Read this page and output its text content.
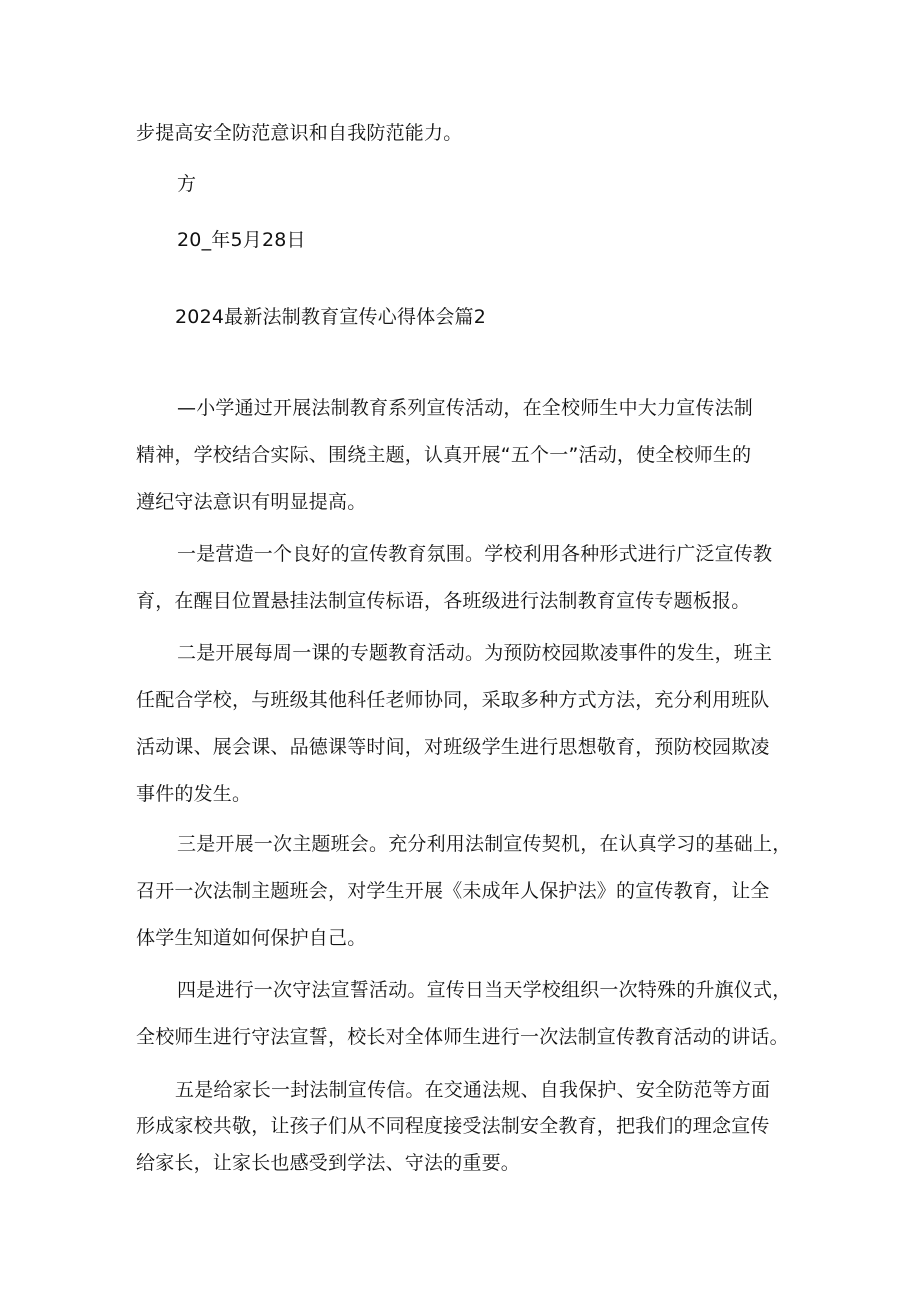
步提高安全防范意识和自我防范能力。
方
20_年5月28日
2024最新法制教育宣传心得体会篇2
—小学通过开展法制教育系列宣传活动，在全校师生中大力宣传法制
精神，学校结合实际、围绕主题，认真开展“五个一”活动，使全校师生的
遵纪守法意识有明显提高。
一是营造一个良好的宣传教育氛围。学校利用各种形式进行广泛宣传教
育，在醒目位置悬挂法制宣传标语，各班级进行法制教育宣传专题板报。
二是开展每周一课的专题教育活动。为预防校园欺凌事件的发生，班主
任配合学校，与班级其他科任老师协同，采取多种方式方法，充分利用班队
活动课、展会课、品德课等时间，对班级学生进行思想敬育，预防校园欺凌
事件的发生。
三是开展一次主题班会。充分利用法制宣传契机，在认真学习的基础上，
召开一次法制主题班会，对学生开展《未成年人保护法》的宣传教育，让全
体学生知道如何保护自己。
四是进行一次守法宣誓活动。宣传日当天学校组织一次特殊的升旗仪式，
全校师生进行守法宣誓，校长对全体师生进行一次法制宣传教育活动的讲话。
五是给家长一封法制宣传信。在交通法规、自我保护、安全防范等方面
形成家校共敬，让孩子们从不同程度接受法制安全教育，把我们的理念宣传
给家长，让家长也感受到学法、守法的重要。
